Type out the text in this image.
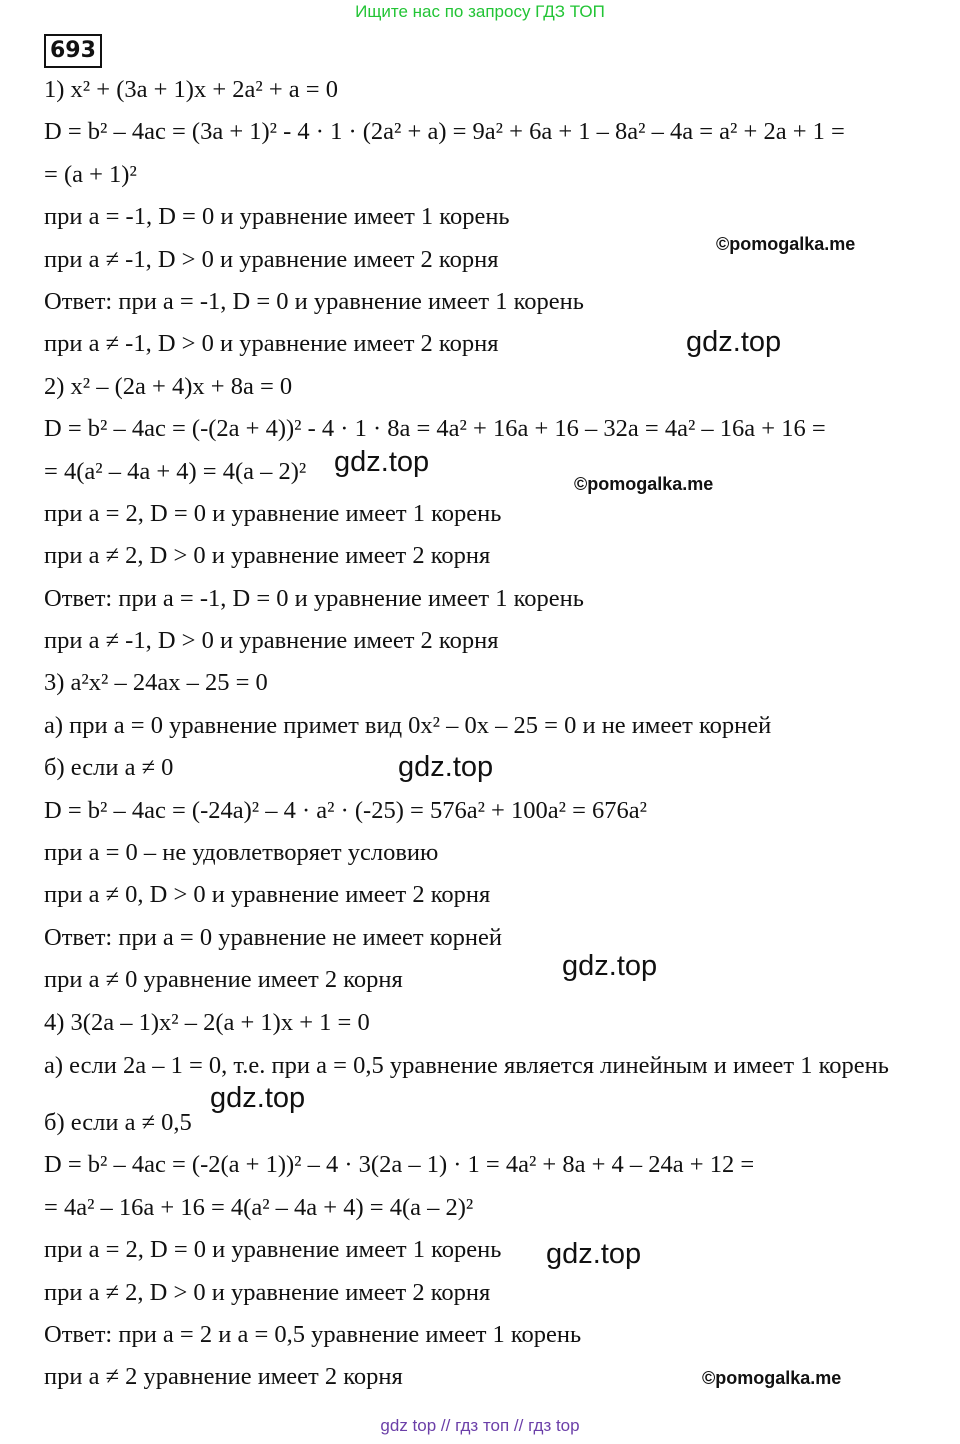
Ищите нас по запросу ГДЗ ТОП
693
1) x² + (3a + 1)x + 2a² + a = 0
D = b² – 4ac = (3a + 1)² - 4 · 1 · (2a² + a) = 9a² + 6a + 1 – 8a² – 4a = a² + 2a + 1 =
= (a + 1)²
при a = -1, D = 0 и уравнение имеет 1 корень
при a ≠ -1, D > 0 и уравнение имеет 2 корня
Ответ: при a = -1, D = 0 и уравнение имеет 1 корень
при a ≠ -1, D > 0 и уравнение имеет 2 корня
2) x² – (2a + 4)x + 8a = 0
D = b² – 4ac = (-(2a + 4))² - 4 · 1 · 8a = 4a² + 16a + 16 – 32a = 4a² – 16a + 16 =
= 4(a² – 4a + 4) = 4(a – 2)²
при a = 2, D = 0 и уравнение имеет 1 корень
при a ≠ 2, D > 0 и уравнение имеет 2 корня
Ответ: при a = -1, D = 0 и уравнение имеет 1 корень
при a ≠ -1, D > 0 и уравнение имеет 2 корня
3) a²x² – 24ax – 25 = 0
а) при a = 0 уравнение примет вид 0x² – 0x – 25 = 0 и не имеет корней
б) если a ≠ 0
D = b² – 4ac = (-24a)² – 4 · a² · (-25) = 576a² + 100a² = 676a²
при a = 0 – не удовлетворяет условию
при a ≠ 0, D > 0 и уравнение имеет 2 корня
Ответ: при a = 0 уравнение не имеет корней
при a ≠ 0 уравнение имеет 2 корня
4) 3(2a – 1)x² – 2(a + 1)x + 1 = 0
а) если 2a – 1 = 0, т.е. при a = 0,5 уравнение является линейным и имеет 1 корень
б) если a ≠ 0,5
D = b² – 4ac = (-2(a + 1))² – 4 · 3(2a – 1) · 1 = 4a² + 8a + 4 – 24a + 12 =
= 4a² – 16a + 16 = 4(a² – 4a + 4) = 4(a – 2)²
при a = 2, D = 0 и уравнение имеет 1 корень
при a ≠ 2, D > 0 и уравнение имеет 2 корня
Ответ: при a = 2 и a = 0,5 уравнение имеет 1 корень
при a ≠ 2 уравнение имеет 2 корня
©pomogalka.me
gdz.top
gdz.top
©pomogalka.me
gdz.top
gdz.top
gdz.top
gdz.top
©pomogalka.me
gdz top // гдз топ // гдз top
